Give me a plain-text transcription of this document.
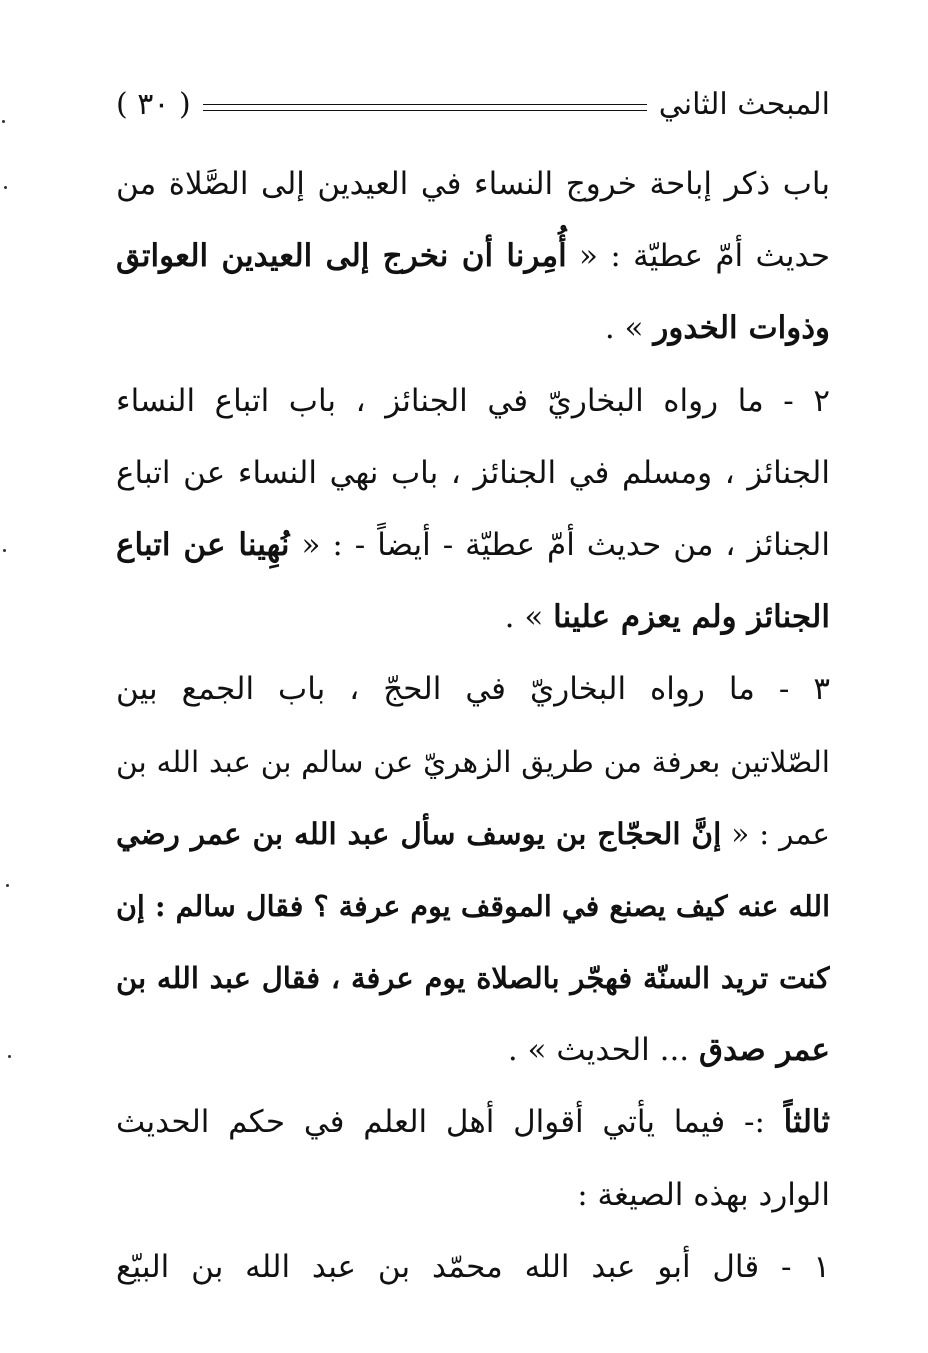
المبحث الثاني
( ٣٠ )
باب ذكر إباحة خروج النساء في العيدين إلى الصَّلاة من
حديث أمّ عطيّة : « أُمِرنا أن نخرج إلى العيدين العواتق
وذوات الخدور » .
٢ - ما رواه البخاريّ في الجنائز ، باب اتباع النساء
الجنائز ، ومسلم في الجنائز ، باب نهي النساء عن اتباع
الجنائز ، من حديث أمّ عطيّة - أيضاً - : « نُهِينا عن اتباع
الجنائز ولم يعزم علينا » .
٣ - ما رواه البخاريّ في الحجّ ، باب الجمع بين
الصّلاتين بعرفة من طريق الزهريّ عن سالم بن عبد الله بن
عمر : « إنَّ الحجّاج بن يوسف سأل عبد الله بن عمر رضي
الله عنه كيف يصنع في الموقف يوم عرفة ؟ فقال سالم : إن
كنت تريد السنّة فهجّر بالصلاة يوم عرفة ، فقال عبد الله بن
عمر صدق ... الحديث » .
ثالثاً :- فيما يأتي أقوال أهل العلم في حكم الحديث
الوارد بهذه الصيغة :
١ - قال أبو عبد الله محمّد بن عبد الله بن البيّع
